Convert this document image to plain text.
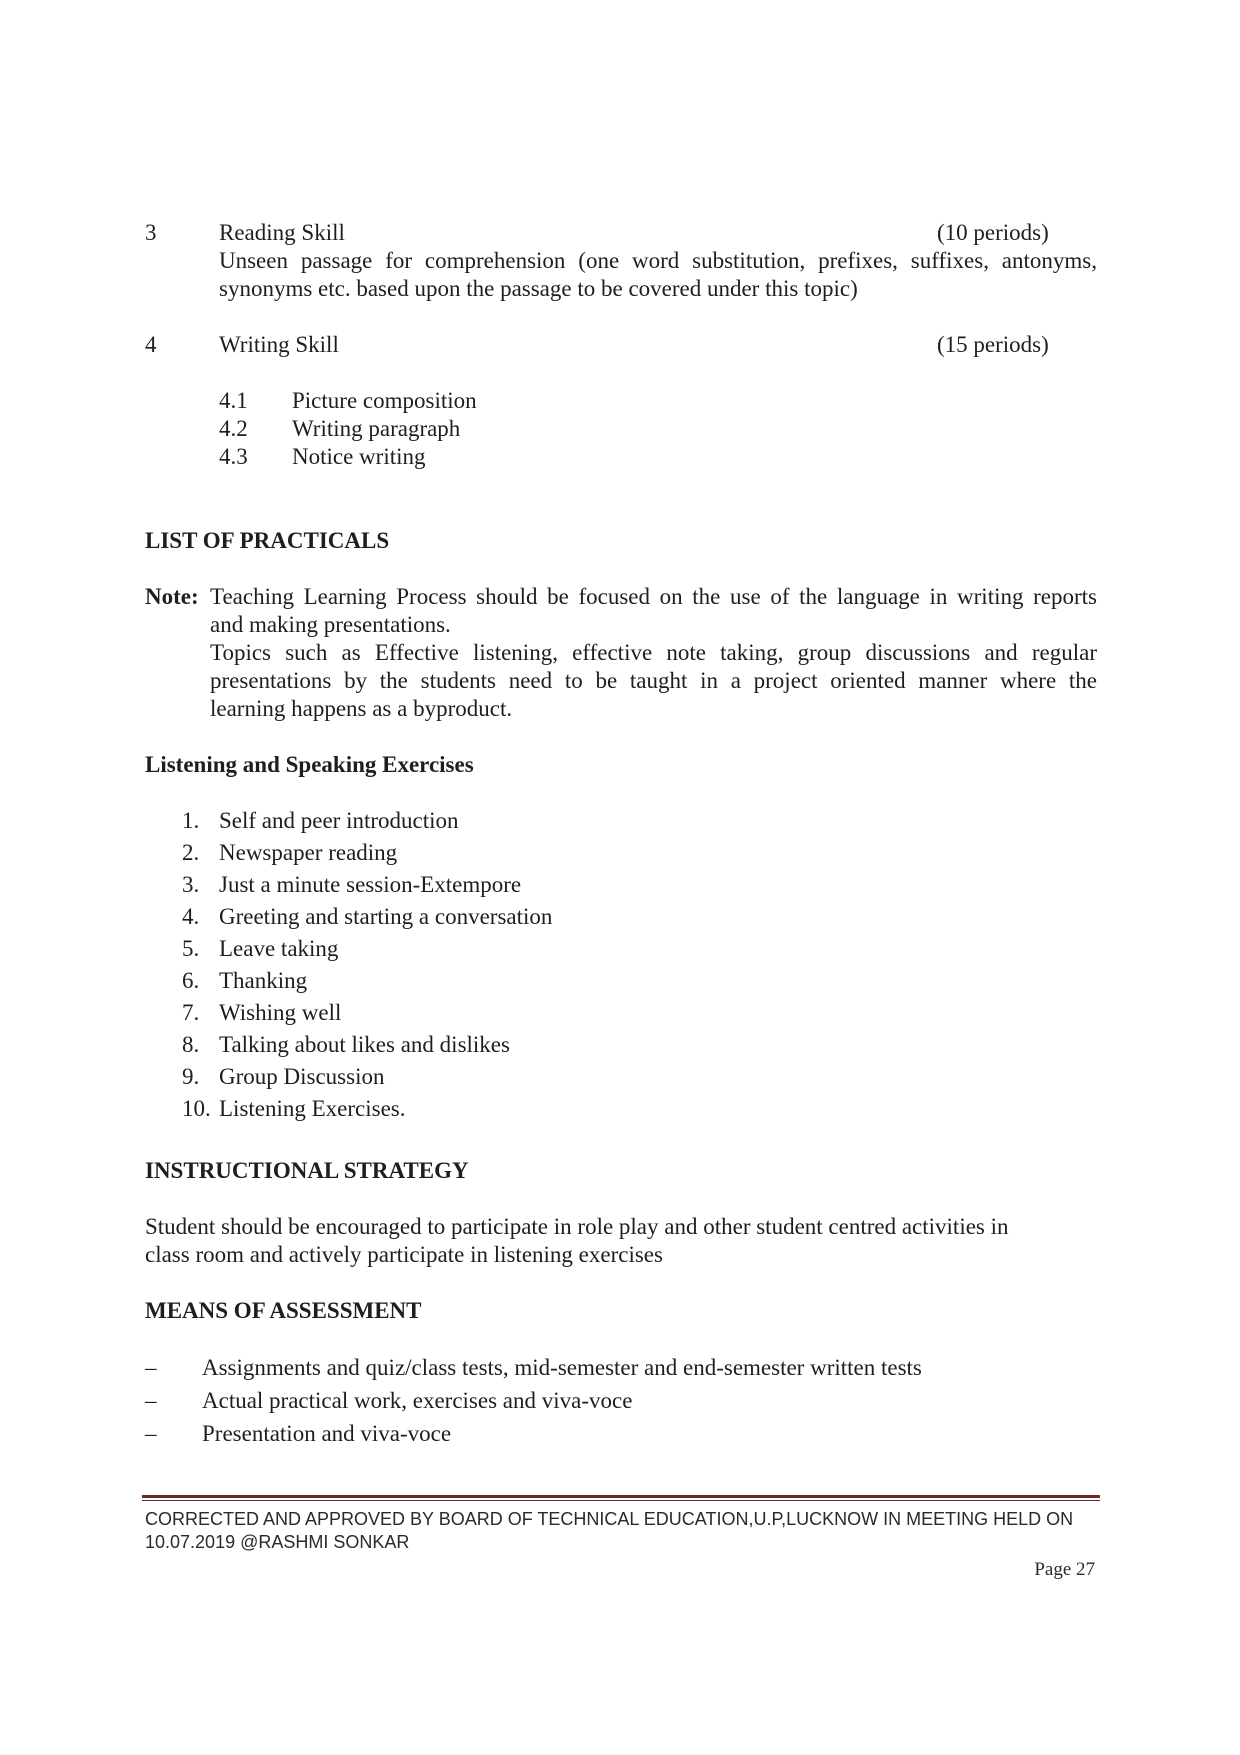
3	Reading Skill	(10 periods)
Unseen passage for comprehension (one word substitution, prefixes, suffixes, antonyms,
synonyms etc. based upon the passage to be covered under this topic)
4	Writing Skill	(15 periods)
4.1 Picture composition
4.2 Writing paragraph
4.3 Notice writing
LIST OF PRACTICALS
Note: Teaching Learning Process should be focused on the use of the language in writing reports
and making presentations.
Topics such as Effective listening, effective note taking, group discussions and regular
presentations by the students need to be taught in a project oriented manner where the
learning happens as a byproduct.
Listening and Speaking Exercises
1. Self and peer introduction
2. Newspaper reading
3. Just a minute session-Extempore
4. Greeting and starting a conversation
5. Leave taking
6. Thanking
7. Wishing well
8. Talking about likes and dislikes
9. Group Discussion
10. Listening Exercises.
INSTRUCTIONAL STRATEGY
Student should be encouraged to participate in role play and other student centred activities in
class room and actively participate in listening exercises
MEANS OF ASSESSMENT
– Assignments and quiz/class tests, mid-semester and end-semester written tests
– Actual practical work, exercises and viva-voce
– Presentation and viva-voce
CORRECTED AND APPROVED BY BOARD OF TECHNICAL EDUCATION,U.P,LUCKNOW IN MEETING HELD ON
10.07.2019 @RASHMI SONKAR
Page 27
